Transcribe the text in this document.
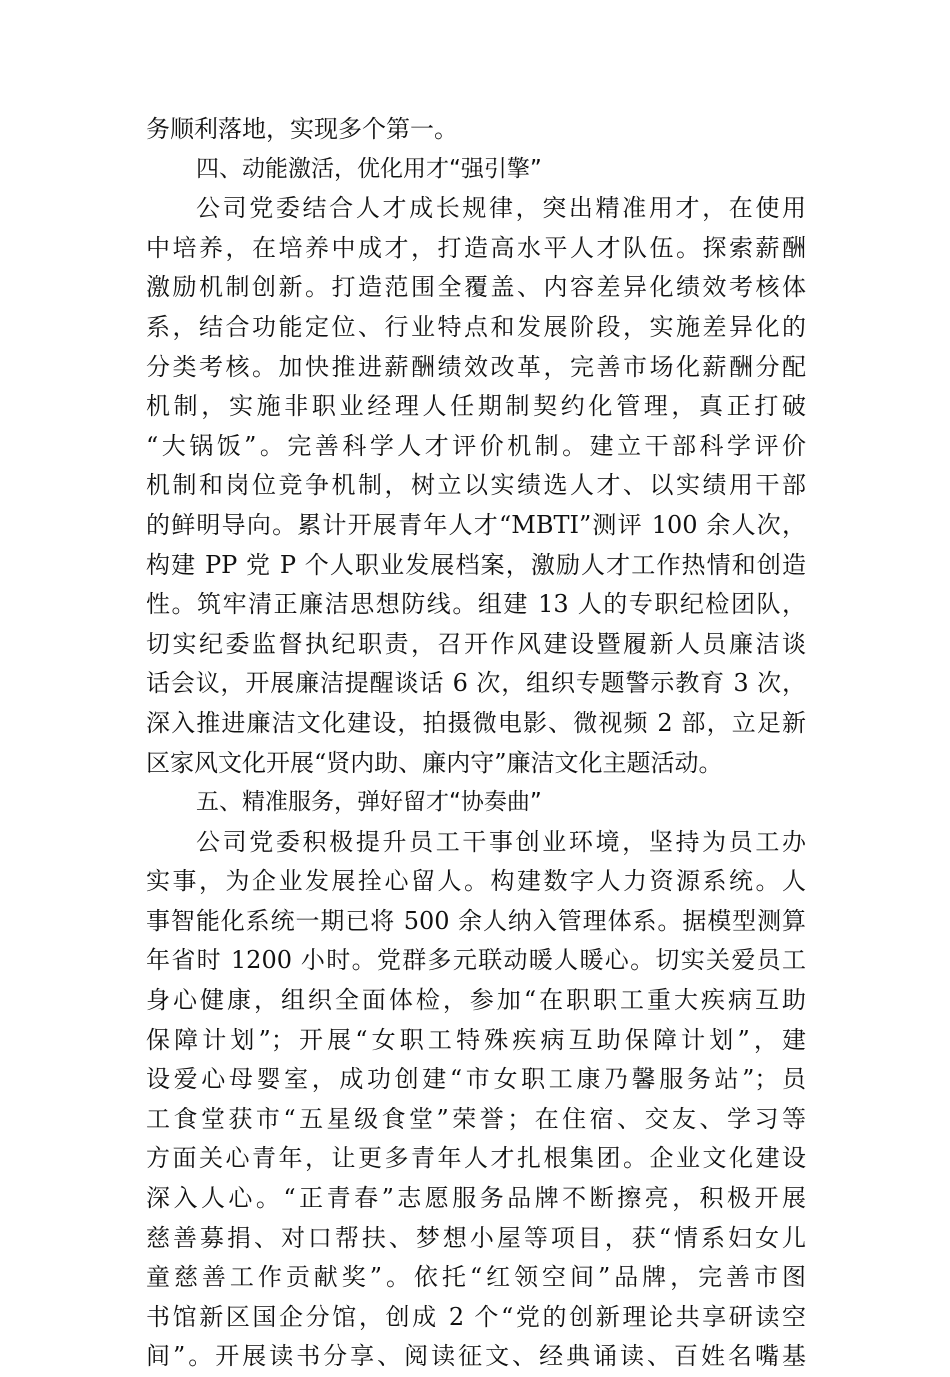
务顺利落地，实现多个第一。
四、动能激活，优化用才“强引擎”
公司党委结合人才成长规律，突出精准用才，在使用
中培养，在培养中成才，打造高水平人才队伍。探索薪酬
激励机制创新。打造范围全覆盖、内容差异化绩效考核体
系，结合功能定位、行业特点和发展阶段，实施差异化的
分类考核。加快推进薪酬绩效改革，完善市场化薪酬分配
机制，实施非职业经理人任期制契约化管理，真正打破
“大锅饭”。完善科学人才评价机制。建立干部科学评价
机制和岗位竞争机制，树立以实绩选人才、以实绩用干部
的鲜明导向。累计开展青年人才“MBTI”测评 100 余人次，
构建 PP 党 P 个人职业发展档案，激励人才工作热情和创造
性。筑牢清正廉洁思想防线。组建 13 人的专职纪检团队，
切实纪委监督执纪职责，召开作风建设暨履新人员廉洁谈
话会议，开展廉洁提醒谈话 6 次，组织专题警示教育 3 次，
深入推进廉洁文化建设，拍摄微电影、微视频 2 部，立足新
区家风文化开展“贤内助、廉内守”廉洁文化主题活动。
五、精准服务，弹好留才“协奏曲”
公司党委积极提升员工干事创业环境，坚持为员工办
实事，为企业发展拴心留人。构建数字人力资源系统。人
事智能化系统一期已将 500 余人纳入管理体系。据模型测算
年省时 1200 小时。党群多元联动暖人暖心。切实关爱员工
身心健康，组织全面体检，参加“在职职工重大疾病互助
保障计划”；开展“女职工特殊疾病互助保障计划”，建
设爱心母婴室，成功创建“市女职工康乃馨服务站”；员
工食堂获市“五星级食堂”荣誉；在住宿、交友、学习等
方面关心青年，让更多青年人才扎根集团。企业文化建设
深入人心。“正青春”志愿服务品牌不断擦亮，积极开展
慈善募捐、对口帮扶、梦想小屋等项目，获“情系妇女儿
童慈善工作贡献奖”。依托“红领空间”品牌，完善市图
书馆新区国企分馆，创成 2 个“党的创新理论共享研读空
间”。开展读书分享、阅读征文、经典诵读、百姓名嘴基
